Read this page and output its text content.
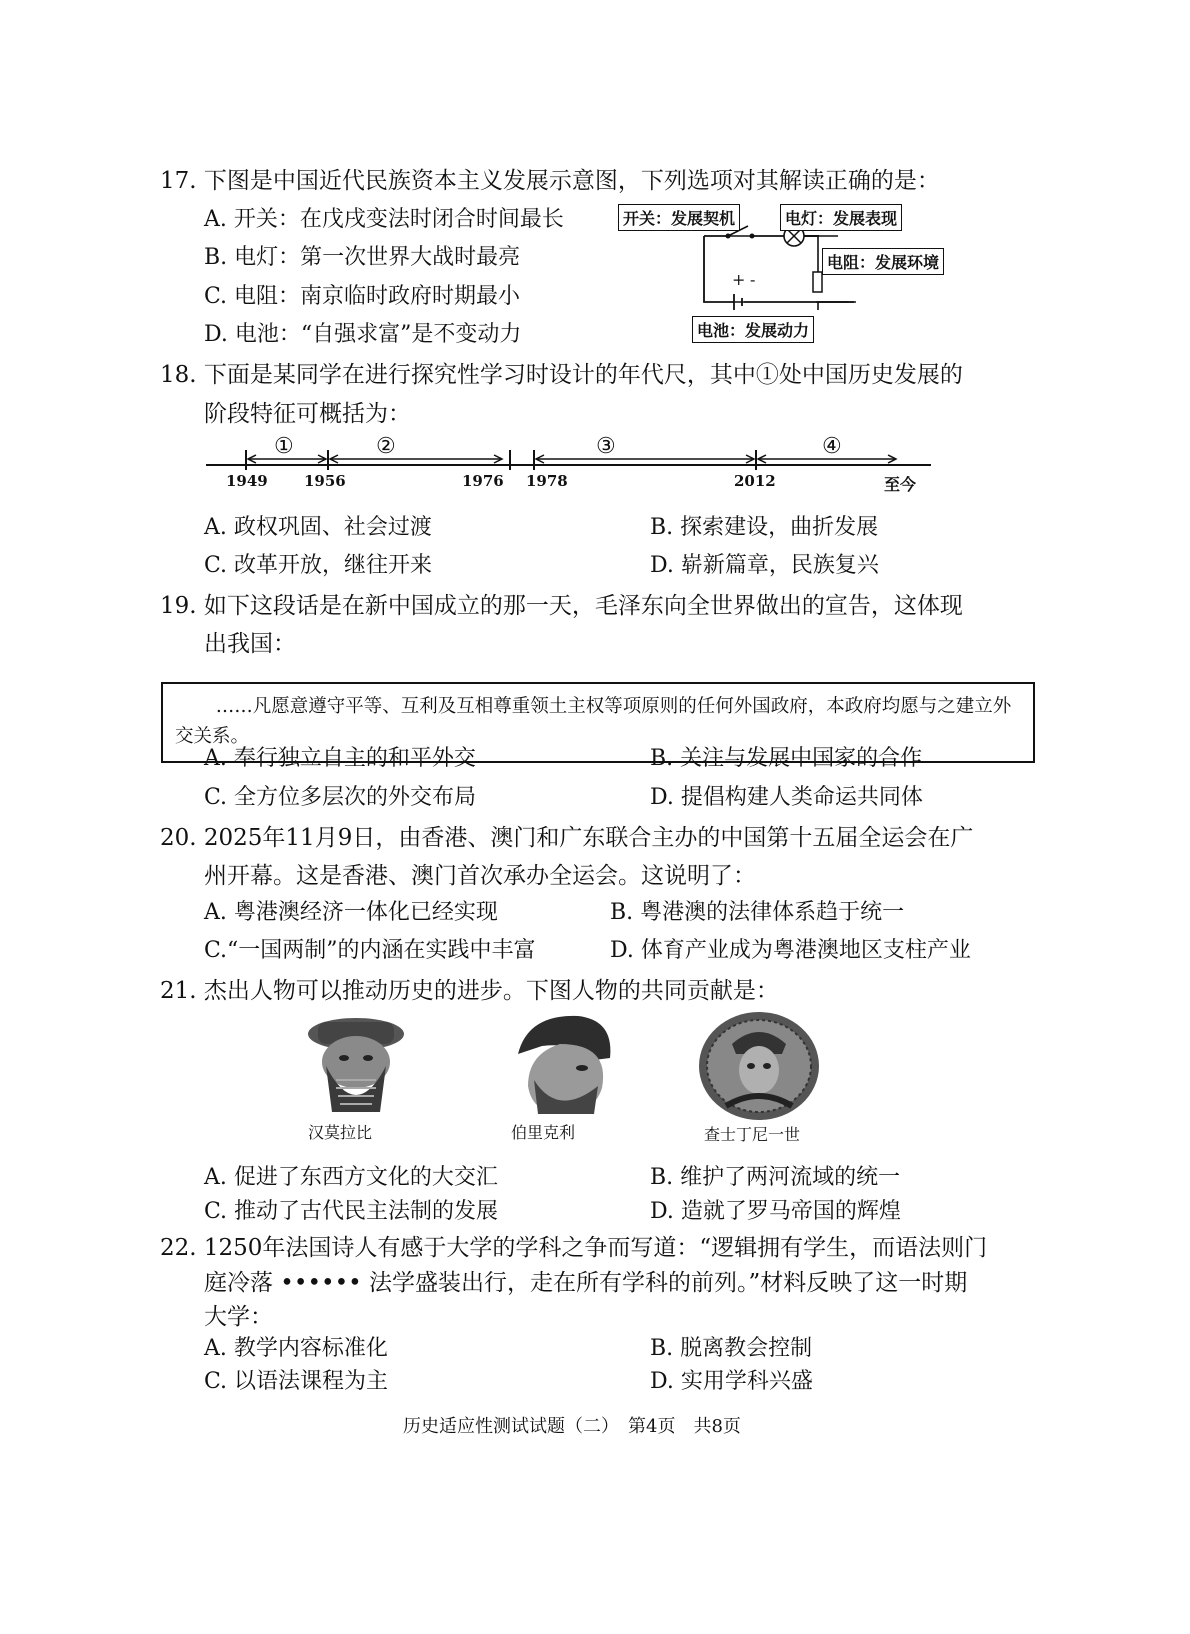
17. 下图是中国近代民族资本主义发展示意图，下列选项对其解读正确的是：
A. 开关：在戊戌变法时闭合时间最长
B. 电灯：第一次世界大战时最亮
C. 电阻：南京临时政府时期最小
D. 电池：“自强求富”是不变动力
+ -
开关：发展契机	电灯：发展表现
电阻：发展环境
电池：发展动力
18. 下面是某同学在进行探究性学习时设计的年代尺，其中①处中国历史发展的
阶段特征可概括为：
①	②	③	④
1949 1956	1976 1978	2012	至今
A. 政权巩固、社会过渡	B. 探索建设，曲折发展
C. 改革开放，继往开来	D. 崭新篇章，民族复兴
19. 如下这段话是在新中国成立的那一天，毛泽东向全世界做出的宣告，这体现
出我国：
……凡愿意遵守平等、互利及互相尊重领土主权等项原则的任何外国政府，本政府均愿与之建立外交关系。
A. 奉行独立自主的和平外交	B. 关注与发展中国家的合作
C. 全方位多层次的外交布局	D. 提倡构建人类命运共同体
20. 2025年11月9日，由香港、澳门和广东联合主办的中国第十五届全运会在广
州开幕。这是香港、澳门首次承办全运会。这说明了：
A. 粤港澳经济一体化已经实现	B. 粤港澳的法律体系趋于统一
C.“一国两制”的内涵在实践中丰富	D. 体育产业成为粤港澳地区支柱产业
21. 杰出人物可以推动历史的进步。下图人物的共同贡献是：
汉莫拉比	伯里克利	查士丁尼一世
A. 促进了东西方文化的大交汇	B. 维护了两河流域的统一
C. 推动了古代民主法制的发展	D. 造就了罗马帝国的辉煌
22. 1250年法国诗人有感于大学的学科之争而写道：“逻辑拥有学生，而语法则门
庭冷落 •••••• 法学盛装出行，走在所有学科的前列。”材料反映了这一时期
大学：
A. 教学内容标准化	B. 脱离教会控制
C. 以语法课程为主	D. 实用学科兴盛
历史适应性测试试题（二）　第4页　共8页
